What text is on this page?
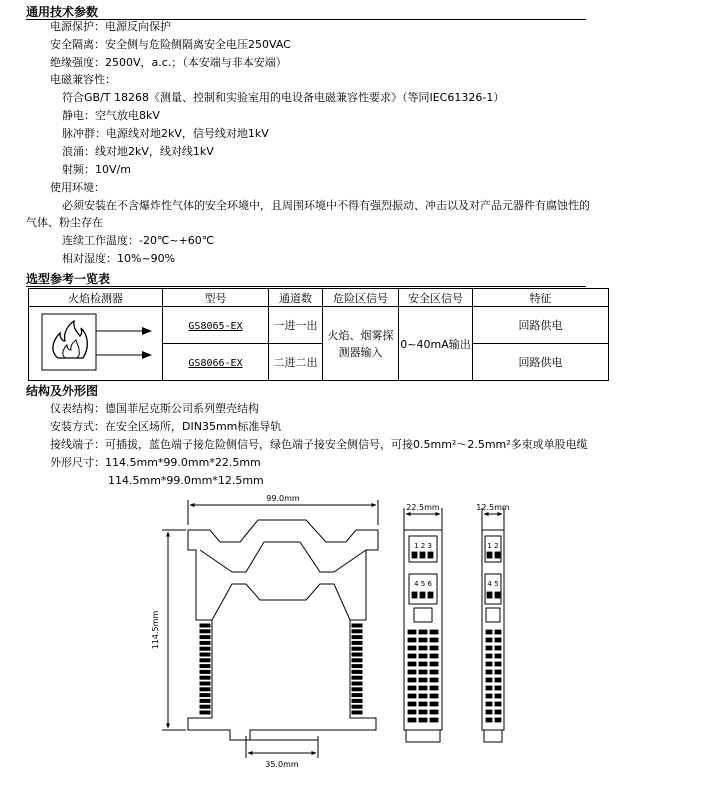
通用技术参数
电源保护：电源反向保护
安全隔离：安全侧与危险侧隔离安全电压250VAC
绝缘强度：2500V，a.c.；（本安端与非本安端）
电磁兼容性：
符合GB/T 18268《测量、控制和实验室用的电设备电磁兼容性要求》（等同IEC61326-1）
静电：空气放电8kV
脉冲群：电源线对地2kV，信号线对地1kV
浪涌：线对地2kV，线对线1kV
射频：10V/m
使用环境：
必须安装在不含爆炸性气体的安全环境中，且周围环境中不得有强烈振动、冲击以及对产品元器件有腐蚀性的
气体、粉尘存在
连续工作温度：-20℃~+60℃
相对湿度：10%~90%
选型参考一览表
火焰检测器	型号	通道数	危险区信号	安全区信号	特征
	GS8065-EX	一进一出	火焰、烟雾探测器输入	0~40mA输出	回路供电
	GS8066-EX	二进二出			回路供电
结构及外形图
仪表结构：德国菲尼克斯公司系列塑壳结构
安装方式：在安全区场所，DIN35mm标准导轨
接线端子：可插拔，蓝色端子接危险侧信号，绿色端子接安全侧信号，可接0.5mm²～2.5mm²多束或单股电缆
外形尺寸：114.5mm*99.0mm*22.5mm
114.5mm*99.0mm*12.5mm
99.0mm
114.5mm
35.0mm
22.5mm
1 2 3
4 5 6
12.5mm
1 2
4 5
